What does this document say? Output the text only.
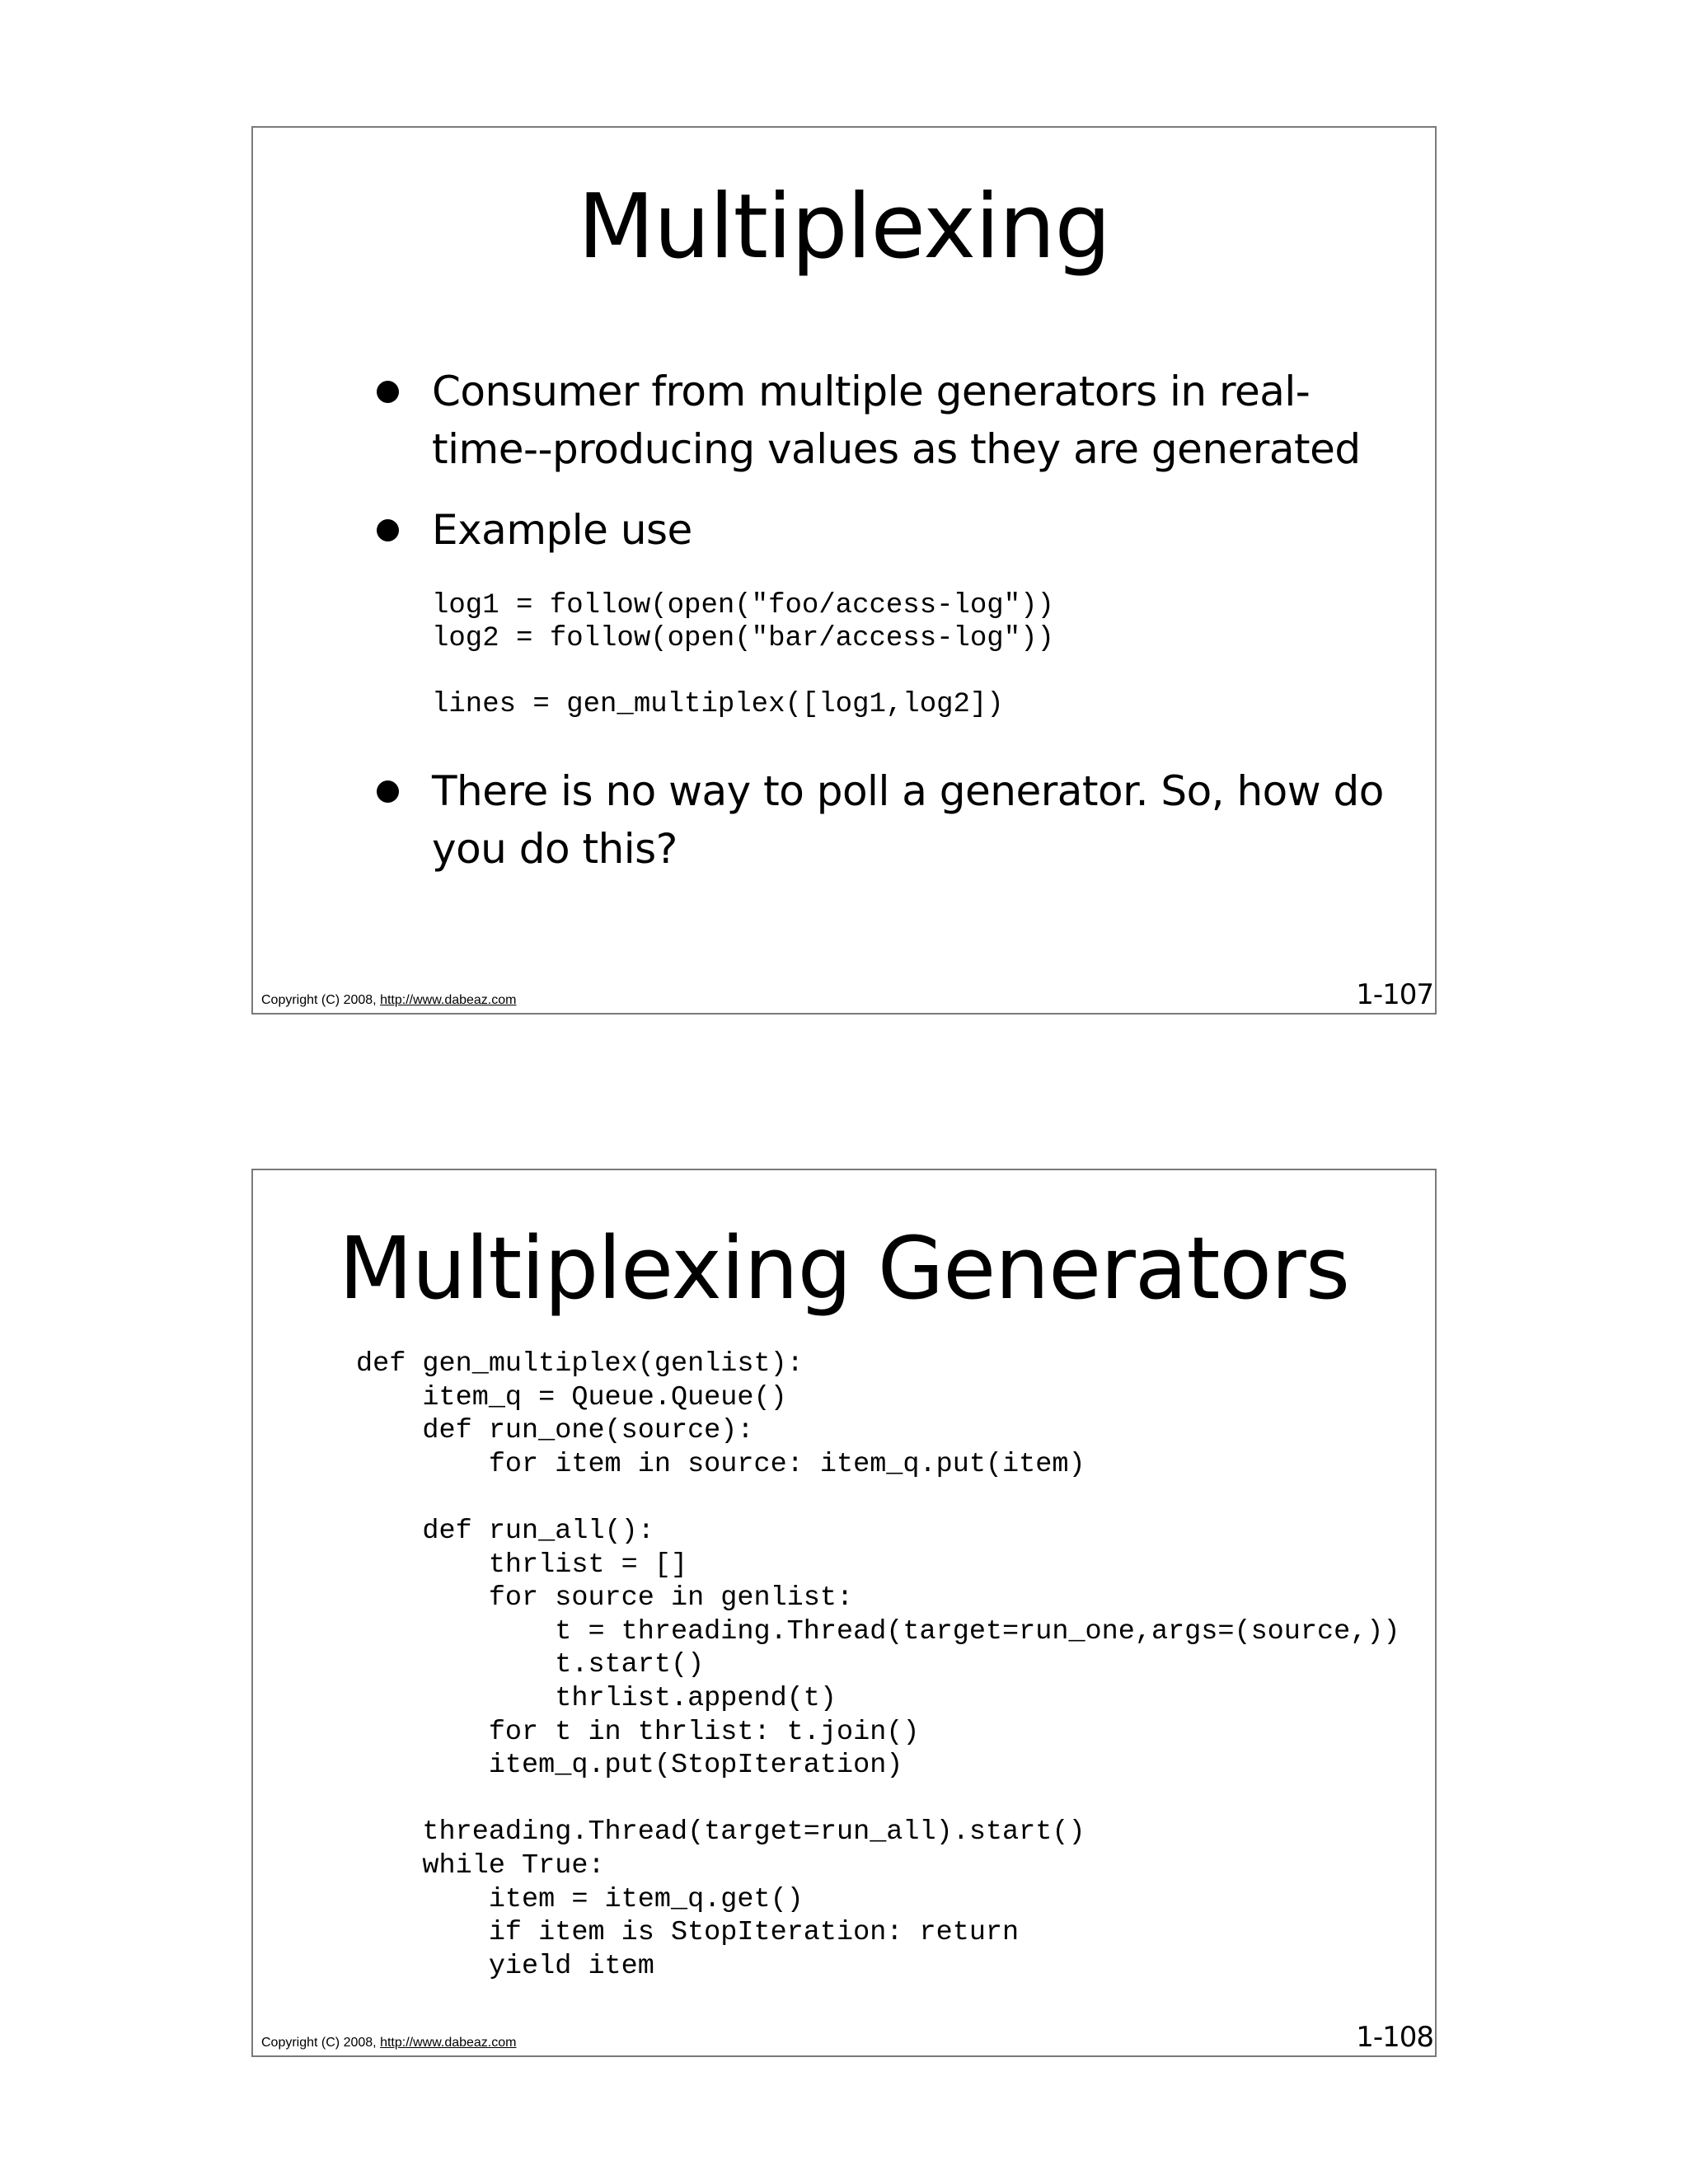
Multiplexing
Consumer from multiple generators in real-time--producing values as they are generated
Example use
There is no way to poll a generator. So, how do you do this?
log1 = follow(open("foo/access-log"))
log2 = follow(open("bar/access-log"))

lines = gen_multiplex([log1,log2])
Copyright (C) 2008, http://www.dabeaz.com	1-107
Multiplexing Generators
def gen_multiplex(genlist):
item_q = Queue.Queue()
def run_one(source):
for item in source: item_q.put(item)

def run_all():
thrlist = []
for source in genlist:
t = threading.Thread(target=run_one,args=(source,))
t.start()
thrlist.append(t)
for t in thrlist: t.join()
item_q.put(StopIteration)

threading.Thread(target=run_all).start()
while True:
item = item_q.get()
if item is StopIteration: return
yield item
Copyright (C) 2008, http://www.dabeaz.com	1-108
